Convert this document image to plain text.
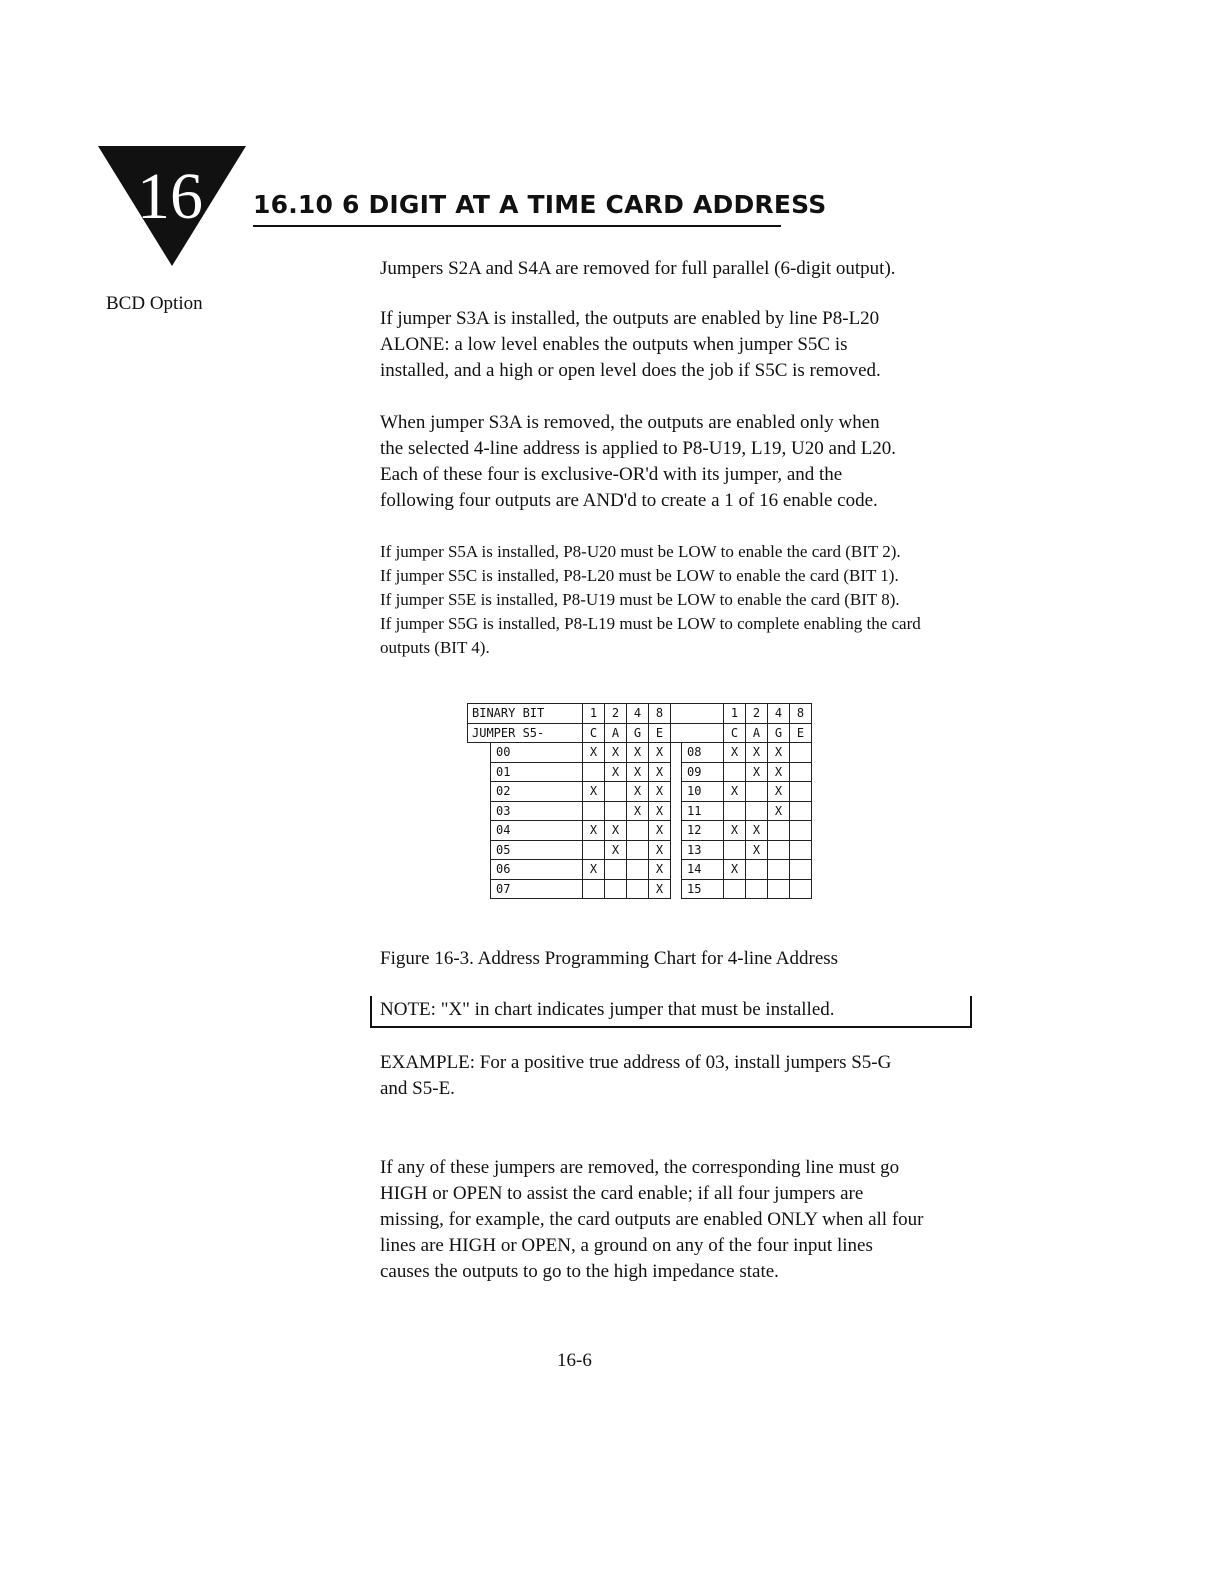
16 16.10 6 DIGIT AT A TIME CARD ADDRESS
BCD Option
Jumpers S2A and S4A are removed for full parallel (6-digit output).
If jumper S3A is installed, the outputs are enabled by line P8-L20
ALONE: a low level enables the outputs when jumper S5C is
installed, and a high or open level does the job if S5C is removed.
When jumper S3A is removed, the outputs are enabled only when
the selected 4-line address is applied to P8-U19, L19, U20 and L20.
Each of these four is exclusive-OR'd with its jumper, and the
following four outputs are AND'd to create a 1 of 16 enable code.
If jumper S5A is installed, P8-U20 must be LOW to enable the card (BIT 2).
If jumper S5C is installed, P8-L20 must be LOW to enable the card (BIT 1).
If jumper S5E is installed, P8-U19 must be LOW to enable the card (BIT 8).
If jumper S5G is installed, P8-L19 must be LOW to complete enabling the card
outputs (BIT 4).
BINARY BIT		1	2	4	8			1	2	4	8
JUMPER S5-		C	A	G	E			C	A	G	E
	00	X	X	X	X		08	X	X	X	
	01		X	X	X		09		X	X	
	02	X		X	X		10	X		X	
	03			X	X		11			X	
	04	X	X		X		12	X	X		
	05		X		X		13		X		
	06	X			X		14	X			
	07				X		15				
Figure 16-3. Address Programming Chart for 4-line Address
NOTE: "X" in chart indicates jumper that must be installed.
EXAMPLE: For a positive true address of 03, install jumpers S5-G
and S5-E.
If any of these jumpers are removed, the corresponding line must go
HIGH or OPEN to assist the card enable; if all four jumpers are
missing, for example, the card outputs are enabled ONLY when all four
lines are HIGH or OPEN, a ground on any of the four input lines
causes the outputs to go to the high impedance state.
16-6
